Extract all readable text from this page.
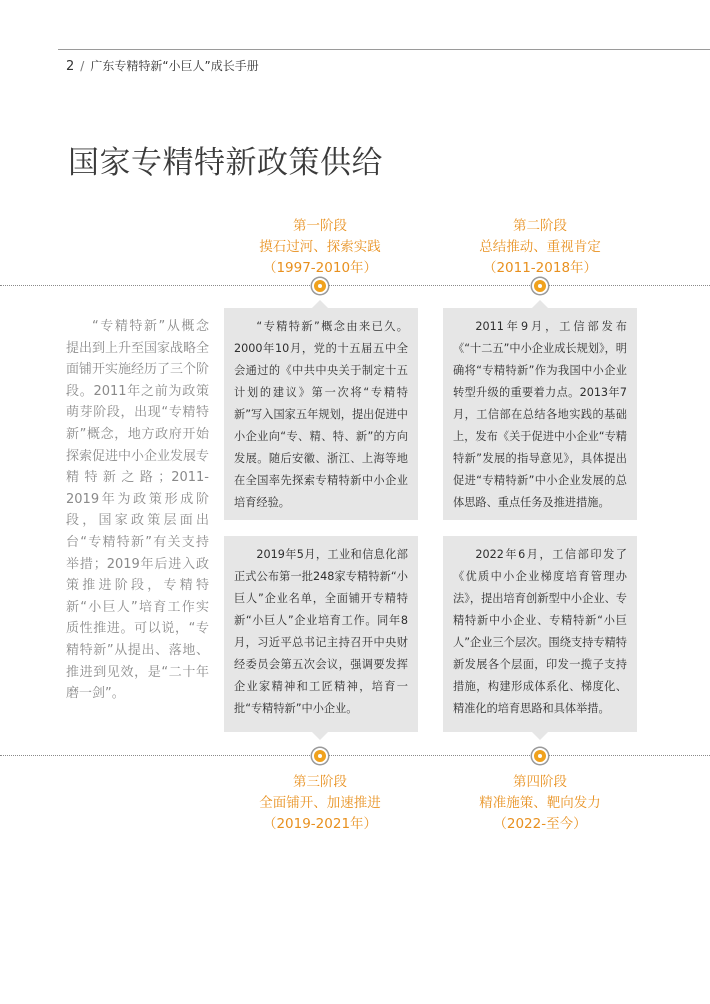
2 / 广东专精特新“小巨人”成长手册
国家专精特新政策供给
第一阶段
摸石过河、探索实践
（1997-2010年）
第二阶段
总结推动、重视肯定
（2011-2018年）

“专精特新”概念由来已久。2000年10月，党的十五届五中全会通过的《中共中央关于制定十五计划的建议》第一次将“专精特新”写入国家五年规划，提出促进中小企业向“专、精、特、新”的方向发展。随后安徽、浙江、上海等地在全国率先探索专精特新中小企业培育经验。

2011年9月，工信部发布《“十二五”中小企业成长规划》，明确将“专精特新”作为我国中小企业转型升级的重要着力点。2013年7月，工信部在总结各地实践的基础上，发布《关于促进中小企业“专精特新”发展的指导意见》，具体提出促进“专精特新”中小企业发展的总体思路、重点任务及推进措施。

2019年5月，工业和信息化部正式公布第一批248家专精特新“小巨人”企业名单，全面铺开专精特新“小巨人”企业培育工作。同年8月，习近平总书记主持召开中央财经委员会第五次会议，强调要发挥企业家精神和工匠精神，培育一批“专精特新”中小企业。

2022年6月，工信部印发了《优质中小企业梯度培育管理办法》，提出培育创新型中小企业、专精特新中小企业、专精特新“小巨人”企业三个层次。围绕支持专精特新发展各个层面，印发一揽子支持措施，构建形成体系化、梯度化、精准化的培育思路和具体举措。

第三阶段
全面铺开、加速推进
（2019-2021年）
第四阶段
精准施策、靶向发力
（2022-至今）

“专精特新”从概念提出到上升至国家战略全面铺开实施经历了三个阶段。2011年之前为政策萌芽阶段，出现“专精特新”概念，地方政府开始探索促进中小企业发展专精特新之路；2011-2019年为政策形成阶段，国家政策层面出台“专精特新”有关支持举措；2019年后进入政策推进阶段，专精特新“小巨人”培育工作实质性推进。可以说，“专精特新”从提出、落地、推进到见效，是“二十年磨一剑”。
